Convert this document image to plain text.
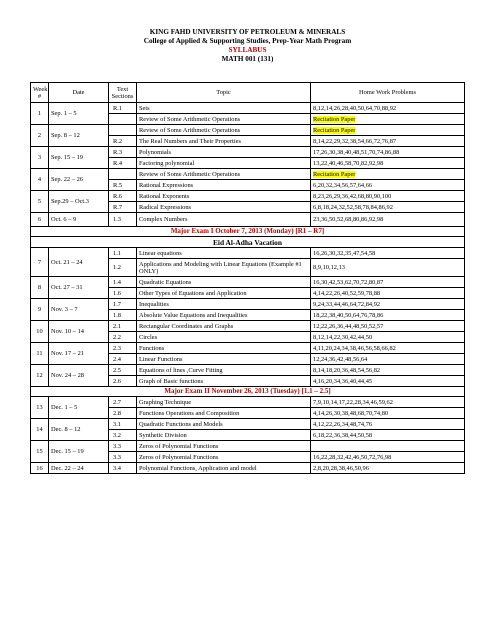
KING FAHD UNIVERSITY OF PETROLEUM & MINERALS
College of Applied & Supporting Studies, Prep-Year Math Program
SYLLABUS
MATH 001 (131)
Week #	Date	Text Sections	Topic	Home Work Problems
1	Sep. 1 – 5	R.1	Sets	8,12,14,26,28,40,50,64,70,88,92
			Review of Some Arithmetic Operations	Recitation Paper
2	Sep. 8 – 12		Review of Some Arithmetic Operations	Recitation Paper
		R.2	The Real Numbers and Their Properties	8,14,22,29,32,38,54,66,72,76,87
3	Sep. 15 – 19	R.3	Polynomials	17,26,30,38,40,48,51,70,74,86,88
		R.4	Factoring polynomial	13,22,40,46,58,70,82,92,98
4	Sep. 22 – 26		Review of Some Arithmetic Operations	Recitation Paper
		R.5	Rational Expressions	6,20,32,34,56,57,64,66
5	Sep.29 – Oct.3	R.6	Rational Exponents	8,23,26,29,36,42,68,80,90,100
		R.7	Radical Expressions	6,8,18,24,32,52,58,78,84,86,92
6	Oct. 6 – 9	1.3	Complex Numbers	23,36,50,52,68,80,86,92,98
Major Exam I October 7, 2013 (Monday) [R1 – R7]				
Eid Al-Adha Vacation				
7	Oct. 21 – 24	1.1	Linear equations	16,26,30,32,35,47,54,58
		1.2	Applications and Modeling with Linear Equations (Example #1 ONLY)	8,9,10,12,13
8	Oct. 27 – 31	1.4	Quadratic Equations	16,30,42,53,62,70,72,80,87
		1.6	Other Types of Equations and Application	4,14,22,26,40,52,59,78,88
9	Nov. 3 – 7	1.7	Inequalities	9,24,33,44,46,64,72,84,92
		1.8	Absolute Value Equations and Inequalities	18,22,38,40,50,64,76,78,86
10	Nov. 10 – 14	2.1	Rectangular Coordinates and Graphs	12,22,26,36,44,48,50,52,57
		2.2	Circles	8,12,14,22,30,42,44,50
11	Nov. 17 – 21	2.3	Functions	4,11,20,24,34,38,46,56,58,66,82
		2.4	Linear Functions	12,24,36,42,48,56,64
12	Nov. 24 – 28	2.5	Equations of lines ,Curve Fitting	8,14,18,20,36,48,54,56,82
		2.6	Graph of Basic functions	4,16,20,34,36,40,44,45
Major Exam II November 26, 2013 (Tuesday) [1.1 – 2.5]				
13	Dec. 1 – 5	2.7	Graphing Technique	7,9,10,14,17,22,28,34,46,59,62
		2.8	Functions Operations and Composition	4,14,26,30,38,48,68,70,74,80
14	Dec. 8 – 12	3.1	Quadratic Functions and Models	4,12,22,26,34,48,74,76
		3.2	Synthetic Division	6,18,22,36,38,44,50,58
15	Dec. 15 – 19	3.3	Zeros of Polynomial Functions	
		3.3	Zeros of Polynomial Functions	16,22,28,32,42,46,50,72,76,98
16	Dec. 22 – 24	3.4	Polynomial Functions, Application and model	2,8,20,28,38,46,50,96
